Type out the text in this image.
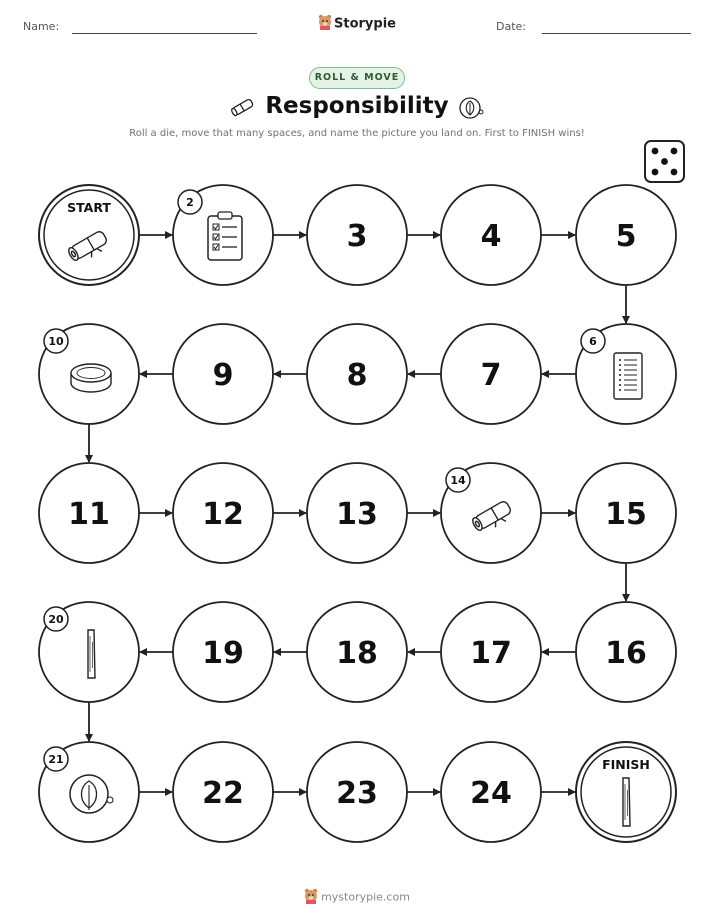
Name:	Storypie	Date:
ROLL & MOVE
Responsibility
Roll a die, move that many spaces, and name the picture you land on. First to FINISH wins!
START	2
3	4	5
6
7
8
9
10
11	12	13
14
15
16
17
18
19
20
21
22	23	24
FINISH
mystorypie.com
